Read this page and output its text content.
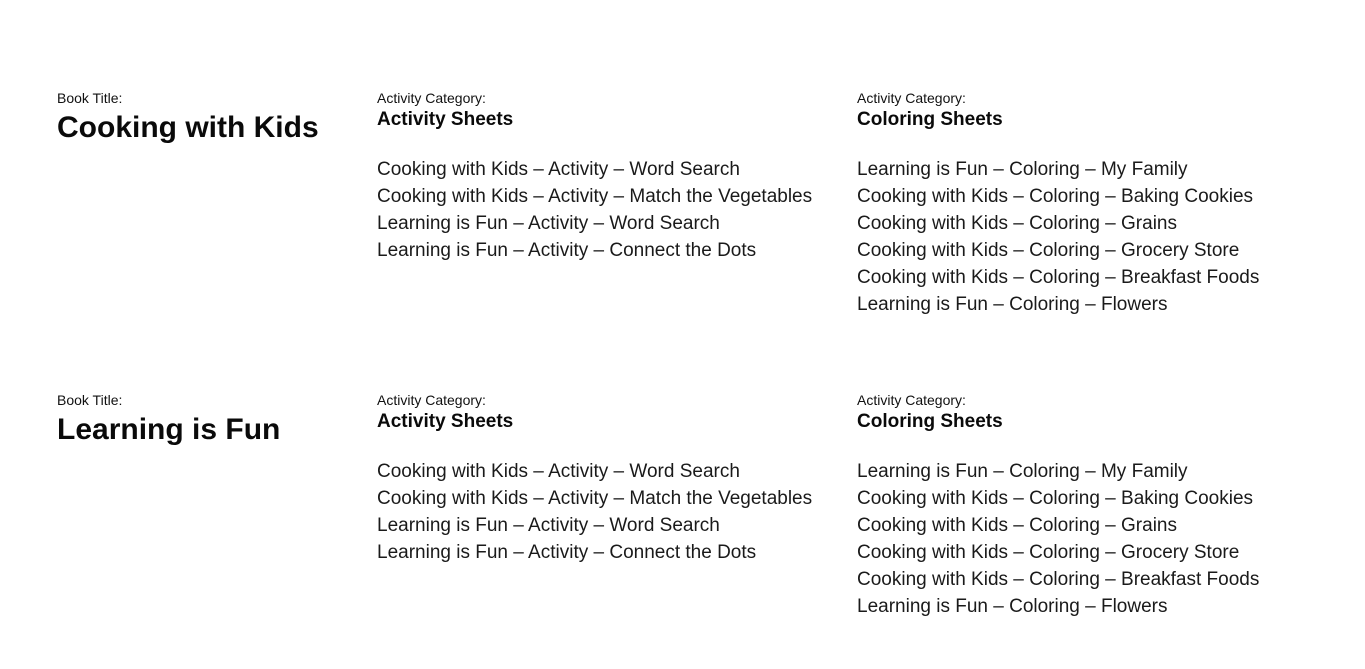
Book Title:
Cooking with Kids
Activity Category:
Activity Sheets
Cooking with Kids – Activity – Word Search
Cooking with Kids – Activity – Match the Vegetables
Learning is Fun – Activity – Word Search
Learning is Fun – Activity – Connect the Dots
Activity Category:
Coloring Sheets
Learning is Fun – Coloring – My Family
Cooking with Kids – Coloring – Baking Cookies
Cooking with Kids – Coloring – Grains
Cooking with Kids – Coloring – Grocery Store
Cooking with Kids – Coloring – Breakfast Foods
Learning is Fun – Coloring – Flowers
Book Title:
Learning is Fun
Activity Category:
Activity Sheets
Cooking with Kids – Activity – Word Search
Cooking with Kids – Activity – Match the Vegetables
Learning is Fun – Activity – Word Search
Learning is Fun – Activity – Connect the Dots
Activity Category:
Coloring Sheets
Learning is Fun – Coloring – My Family
Cooking with Kids – Coloring – Baking Cookies
Cooking with Kids – Coloring – Grains
Cooking with Kids – Coloring – Grocery Store
Cooking with Kids – Coloring – Breakfast Foods
Learning is Fun – Coloring – Flowers
